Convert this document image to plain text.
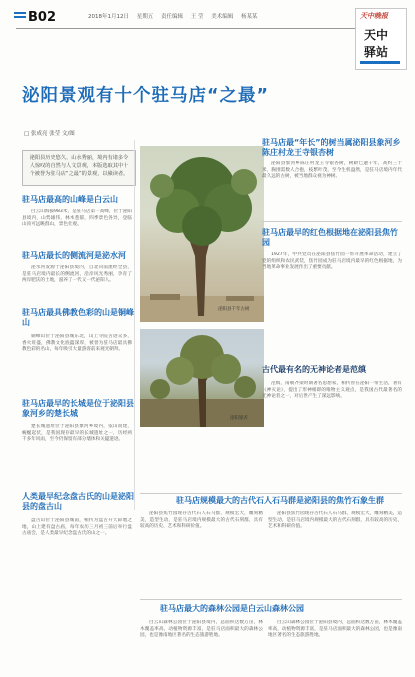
B02	2018年1月12日 星期五 责任编辑 王 莹 美术编辑 杨某某	天中晚报
天中
驿站
泌阳景观有十个驻马店“之最”
□ 张成亮 张莹 文/图

泌阳县历史悠久、山水秀丽，境内有诸多令人惊叹的自然与人文景观，本版选取其中十个被誉为驻马店“之最”的景观，以飨读者。

驻马店最高的山峰是白云山

白云山海拔983米，是驻马店第一高峰，位于泌阳县境内，山势雄伟，林木葱郁，四季景色各异，登临山顶可远眺群山，景色壮观。

驻马店最长的侧流河是泌水河

泌水河发源于泌阳县境内，自北向南流经全县，是驻马店境内最长的侧流河，沿岸风光秀丽，孕育了两岸肥沃的土地，滋养了一代又一代泌阳人。

驻马店最具佛教色彩的山是铜峰山

铜峰山位于泌阳县城东北，山上寺院古迹众多，香火旺盛，佛教文化底蕴深厚，被誉为驻马店最具佛教色彩的名山，每年吸引大量游客前来观光朝拜。

驻马店最早的长城是位于泌阳县象河乡的楚长城

楚长城遗址位于泌阳县象河乡境内，依山而建，蜿蜒起伏，是我国现存最早的长城遗址之一，历经两千多年风雨，至今仍保留有部分墙体和关隘遗迹。

人类最早纪念盘古氏的山是泌阳县的盘古山

盘古山位于泌阳县城南，相传为盘古开天辟地之地，山上建有盘古庙，每年农历三月初三前后举行盘古庙会，是人类最早纪念盘古氏的山之一。

泌阳县千年古树
泌阳银杏
驻马店最“年长”的树当属泌阳县象河乡陈庄村龙王寺银杏树

泌阳县象河乡陈庄村龙王寺银杏树，树龄已逾千年，高约三十米，胸围需数人合抱，枝繁叶茂，至今生机盎然，是驻马店境内年代最久远的古树，被当地群众视为神树。

驻马店最早的红色根据地在泌阳县焦竹园

1927年，中共党员在泌阳县焦竹园一带开展革命活动，建立了党的组织和农民武装，焦竹园成为驻马店境内最早的红色根据地，为当地革命事业发展作出了重要贡献。

古代最有名的无神论者是范缜

范缜，南朝齐梁时期著名思想家，相传曾在泌阳一带生活，著有《神灭论》，提出了形神相即的唯物主义观点，是我国古代最著名的无神论者之一，对后世产生了深远影响。

驻马店规模最大的古代石人石马群是泌阳县的焦竹石象生群

泌阳县焦竹园现存古代石人石马群，规模宏大，雕刻精美，造型生动，是驻马店境内规模最大的古代石刻群，具有较高的历史、艺术和科研价值。

泌阳县焦竹园现存古代石人石马群，规模宏大，雕刻精美，造型生动，是驻马店境内规模最大的古代石刻群，具有较高的历史、艺术和科研价值。

驻马店最大的森林公园是白云山森林公园

白云山森林公园位于泌阳县境内，总面积达数万亩，林木覆盖率高，动植物资源丰富，是驻马店面积最大的森林公园，也是豫南地区著名的生态旅游胜地。

白云山森林公园位于泌阳县境内，总面积达数万亩，林木覆盖率高，动植物资源丰富，是驻马店面积最大的森林公园，也是豫南地区著名的生态旅游胜地。
